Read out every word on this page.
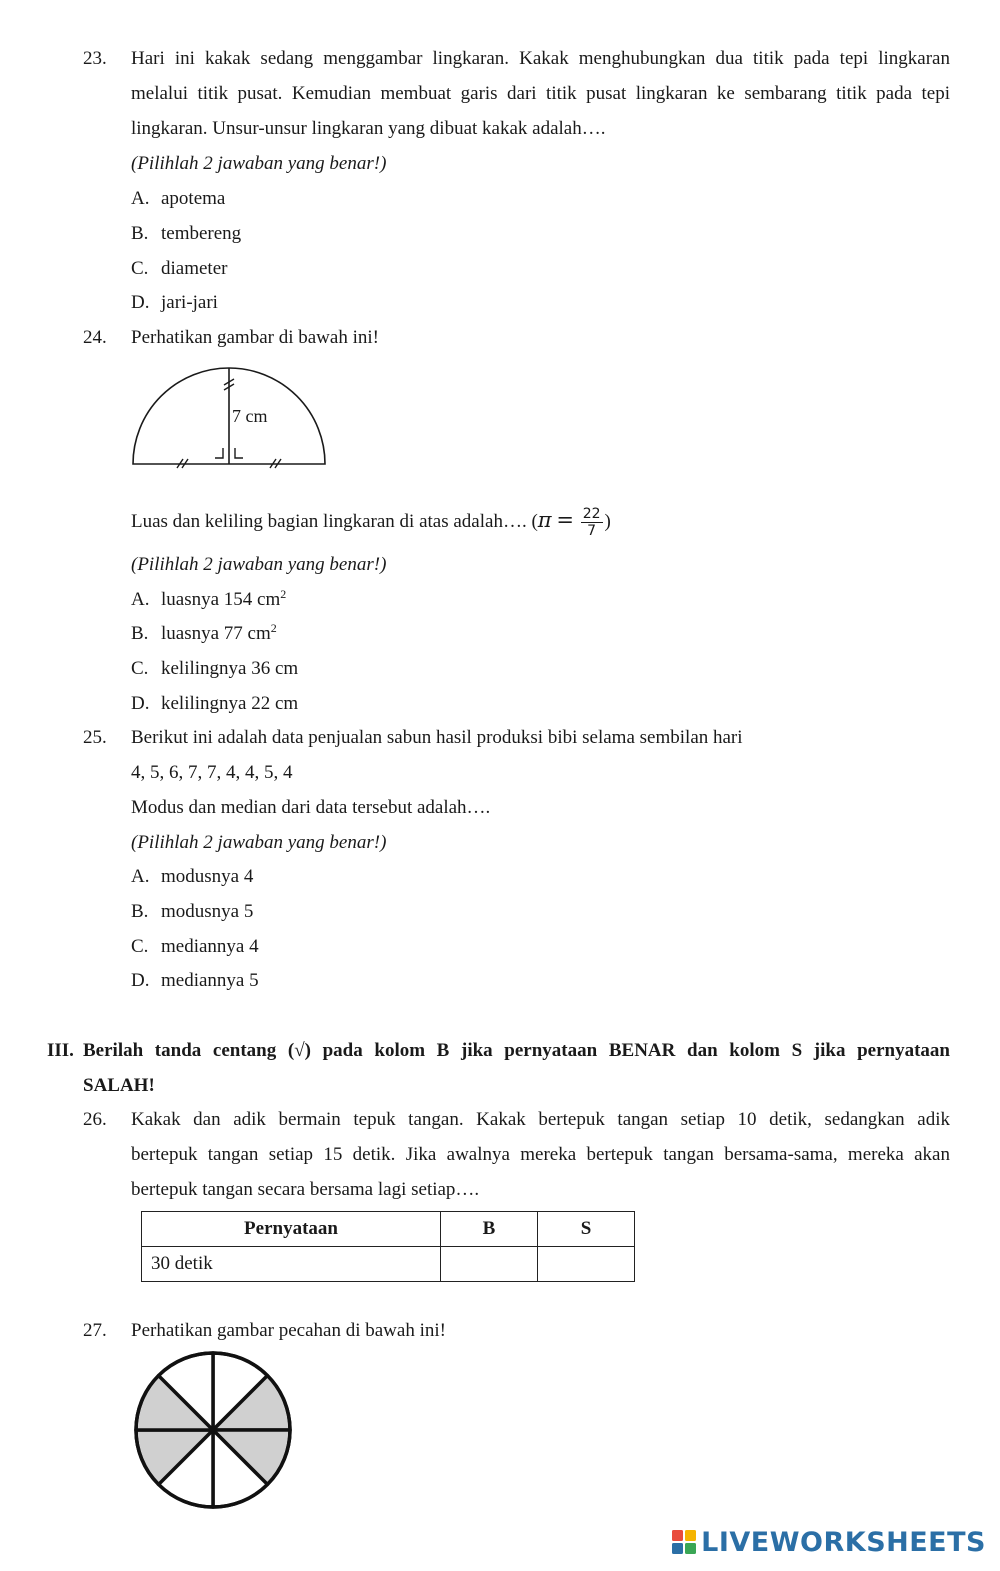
23. Hari ini kakak sedang menggambar lingkaran. Kakak menghubungkan dua titik pada tepi lingkaran
melalui titik pusat. Kemudian membuat garis dari titik pusat lingkaran ke sembarang titik pada tepi
lingkaran. Unsur-unsur lingkaran yang dibuat kakak adalah….
(Pilihlah 2 jawaban yang benar!)
A. apotema
B. tembereng
C. diameter
D. jari-jari
24. Perhatikan gambar di bawah ini!
7 cm
Luas dan keliling bagian lingkaran di atas adalah…. ($\pi = \frac{22}{7}$ )
(Pilihlah 2 jawaban yang benar!)
A. luasnya 154 $cm^2$
B. luasnya 77 $cm^2$
C. kelilingnya 36 cm
D. kelilingnya 22 cm
25. Berikut ini adalah data penjualan sabun hasil produksi bibi selama sembilan hari
4, 5, 6, 7, 7, 4, 4, 5, 4
Modus dan median dari data tersebut adalah….
(Pilihlah 2 jawaban yang benar!)
A. modusnya 4
B. modusnya 5
C. mediannya 4
D. mediannya 5
III. Berilah tanda centang (√) pada kolom B jika pernyataan BENAR dan kolom S jika pernyataan
SALAH!
26. Kakak dan adik bermain tepuk tangan. Kakak bertepuk tangan setiap 10 detik, sedangkan adik
bertepuk tangan setiap 15 detik. Jika awalnya mereka bertepuk tangan bersama-sama, mereka akan
bertepuk tangan secara bersama lagi setiap….
Pernyataan	B	S
30 detik		
27. Perhatikan gambar pecahan di bawah ini!
LIVEWORKSHEETS
